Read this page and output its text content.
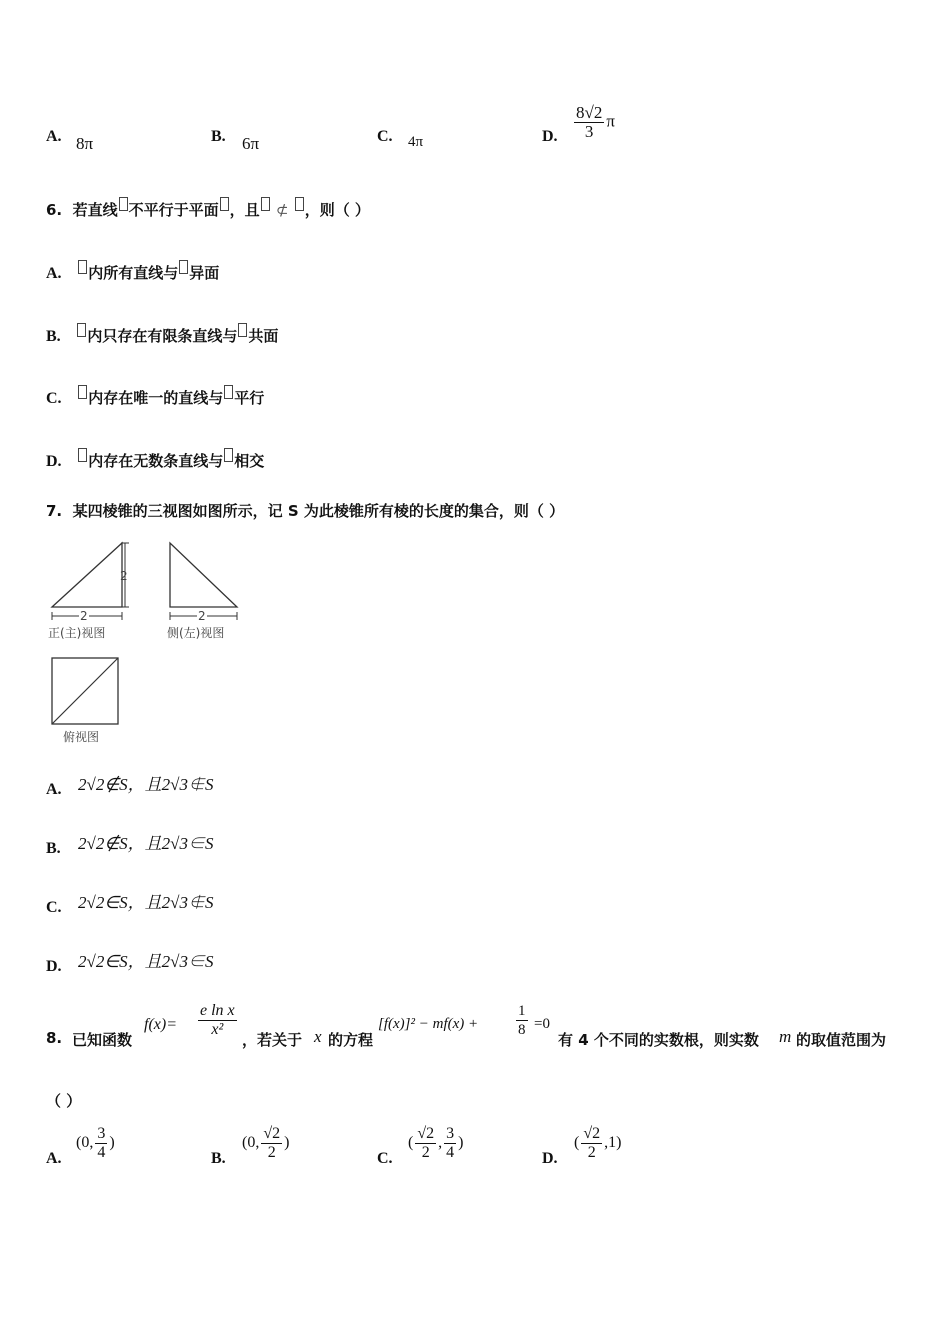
A. 8π	B. 6π	C. 4π	D. $\frac{8√2}{3}$ π
6. 若直线 不平行于平面 ，且 ⊄ ，则（ ）
A. 内所有直线与 异面
B. 内只存在有限条直线与 共面
C. 内存在唯一的直线与 平行
D. 内存在无数条直线与 相交
7. 某四棱锥的三视图如图所示，记 S 为此棱锥所有棱的长度的集合，则（ ）
2
2
正(主)视图
2
侧(左)视图
俯视图
A. 2√2∉S，且2√3∉S
B. 2√2∉S，且2√3∈S
C. 2√2∈S，且2√3∉S
D. 2√2∈S，且2√3∈S
8. 已知函数
$f(x)= \frac{\text{e ln x}}{\text{x²}}$
，若关于 x 的方程
[f(x)]² − mf(x) +	$\frac{1}{8} =0$
有 4 个不同的实数根，则实数 m 的取值范围为
（ ）
A.
(0, $\frac{3}{4}$ )
B.
(0, $\frac{√2}{2}$ )
C.
( $\frac{√2}{2}$ , $\frac{3}{4}$ )
D.
( $\frac{√2}{2} ,1$)
